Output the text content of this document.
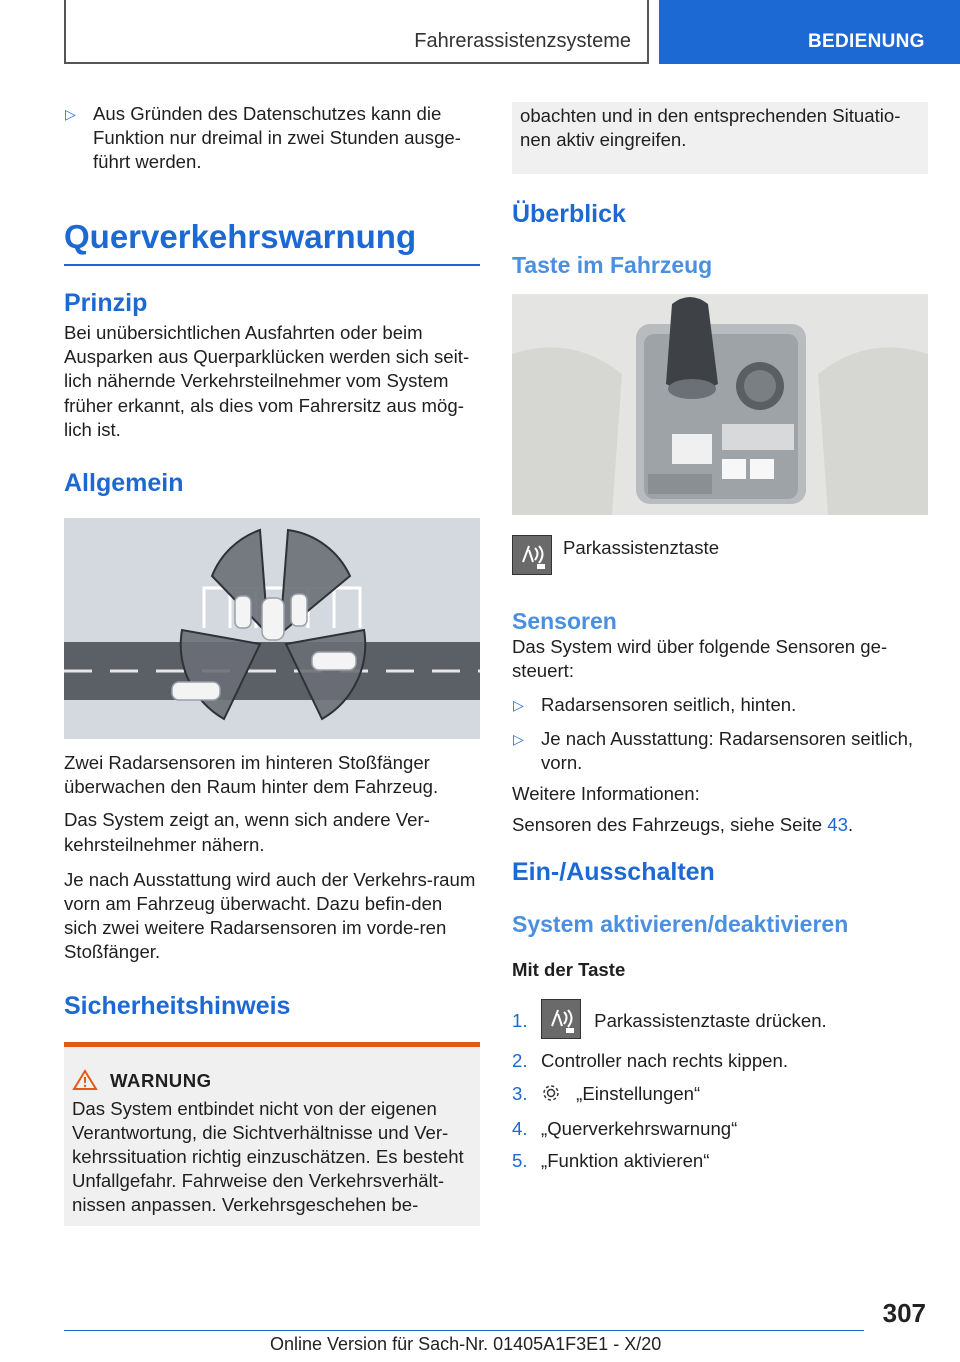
Fahrerassistenzsysteme	BEDIENUNG
▷ Aus Gründen des Datenschutzes kann die Funktion nur dreimal in zwei Stunden ausge‐führt werden.
Querverkehrswarnung
Prinzip

Bei unübersichtlichen Ausfahrten oder beim Ausparken aus Querparklücken werden sich seit‐lich nähernde Verkehrsteilnehmer vom System früher erkannt, als dies vom Fahrersitz aus mög‐lich ist.

Allgemein

Zwei Radarsensoren im hinteren Stoßfänger überwachen den Raum hinter dem Fahrzeug.

Das System zeigt an, wenn sich andere Ver‐kehrsteilnehmer nähern.

Je nach Ausstattung wird auch der Verkehrs‐raum vorn am Fahrzeug überwacht. Dazu befin‐den sich zwei weitere Radarsensoren im vorde‐ren Stoßfänger.

Sicherheitshinweis
WARNUNG

Das System entbindet nicht von der eigenen Verantwortung, die Sichtverhältnisse und Ver‐kehrssituation richtig einzuschätzen. Es besteht Unfallgefahr. Fahrweise den Verkehrsverhält‐nissen anpassen. Verkehrsgeschehen be‐

obachten und in den entsprechenden Situatio‐nen aktiv eingreifen.

Überblick
Taste im Fahrzeug
Parkassistenztaste
Sensoren

Das System wird über folgende Sensoren ge‐steuert:

▷ Radarsensoren seitlich, hinten.
▷ Je nach Ausstattung: Radarsensoren seitlich, vorn.

Weitere Informationen:

Sensoren des Fahrzeugs, siehe Seite 43.

Ein-/Ausschalten
System aktivieren/deaktivieren
Mit der Taste
1.	Parkassistenztaste drücken.
2. Controller nach rechts kippen.
3.	„Einstellungen“
4. „Querverkehrswarnung“
5. „Funktion aktivieren“
307
Online Version für Sach-Nr. 01405A1F3E1 - X/20
